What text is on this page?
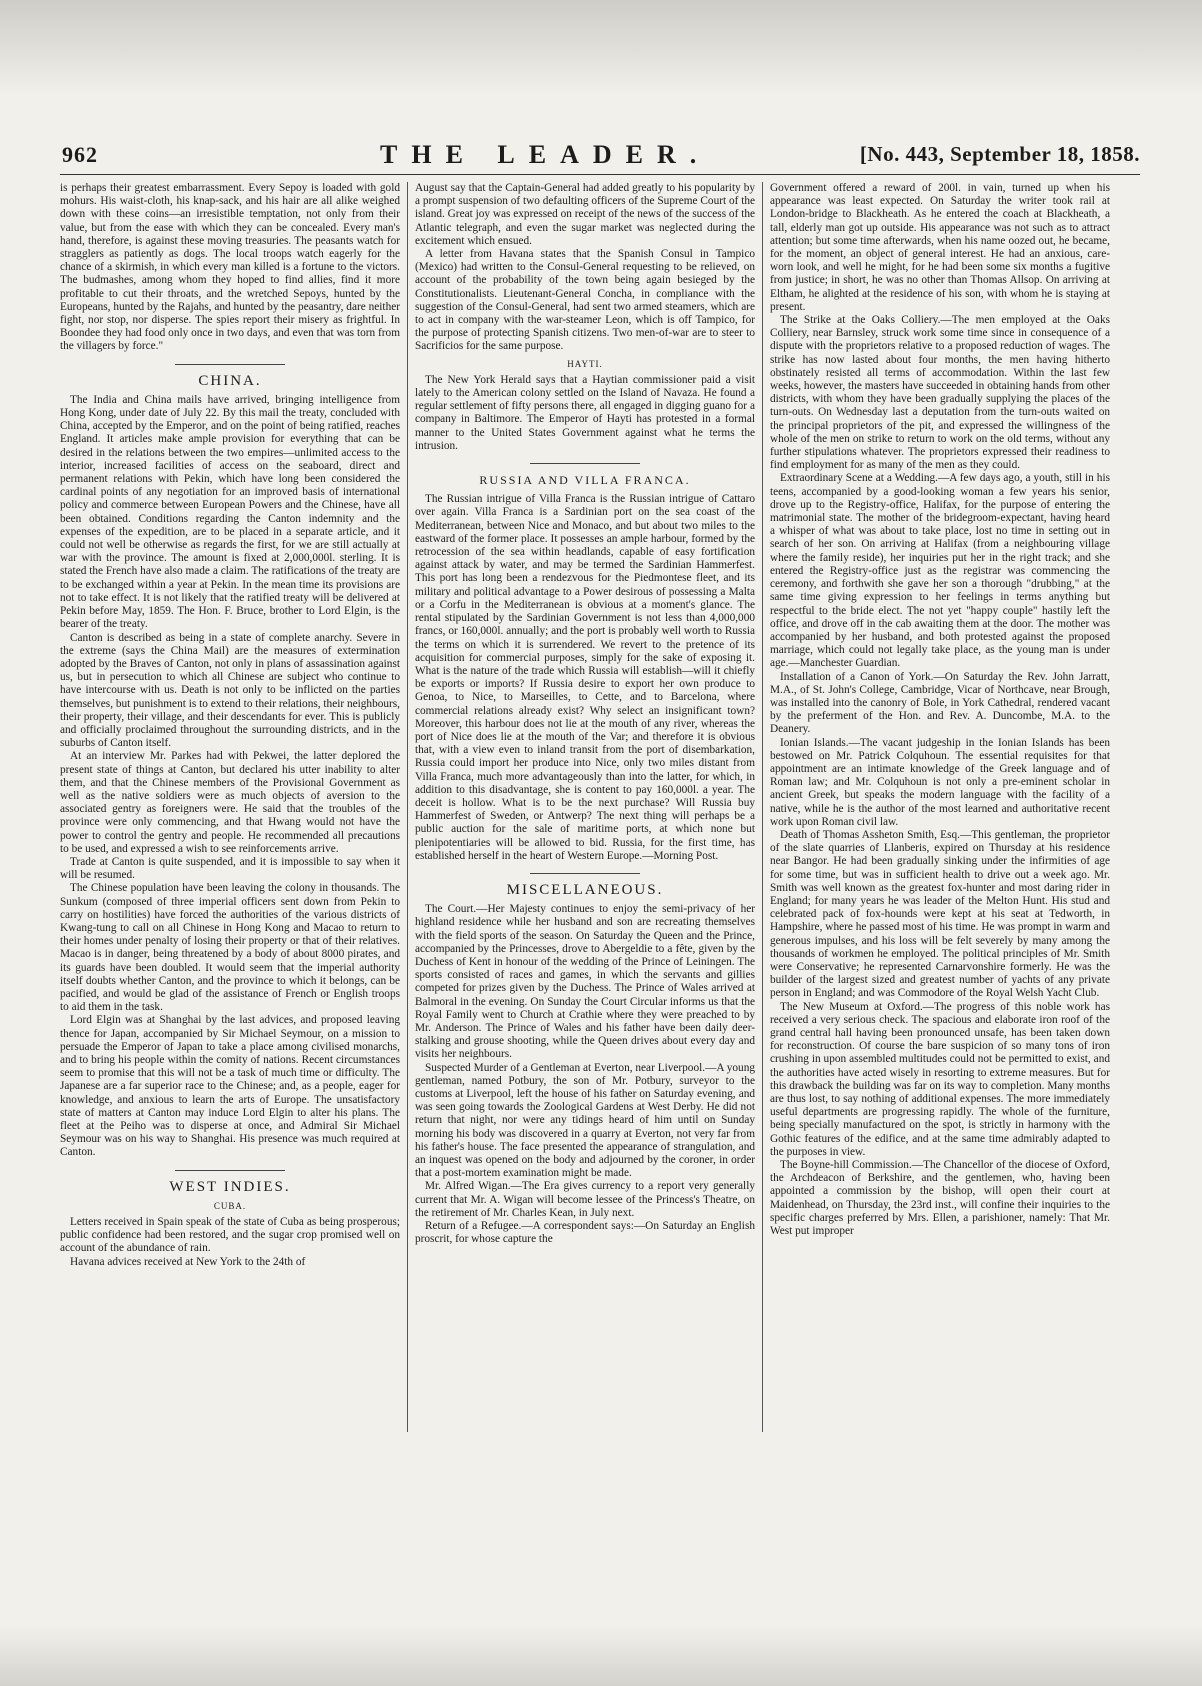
962	THE LEADER.	[No. 443, September 18, 1858.

is perhaps their greatest embarrassment. Every Sepoy is loaded with gold mohurs. His waist-cloth, his knap-sack, and his hair are all alike weighed down with these coins—an irresistible temptation, not only from their value, but from the ease with which they can be concealed. Every man's hand, therefore, is against these moving treasuries. The peasants watch for stragglers as patiently as dogs. The local troops watch eagerly for the chance of a skirmish, in which every man killed is a fortune to the victors. The budmashes, among whom they hoped to find allies, find it more profitable to cut their throats, and the wretched Sepoys, hunted by the Europeans, hunted by the Rajahs, and hunted by the peasantry, dare neither fight, nor stop, nor disperse. The spies report their misery as frightful. In Boondee they had food only once in two days, and even that was torn from the villagers by force."

CHINA.

The India and China mails have arrived, bringing intelligence from Hong Kong, under date of July 22. By this mail the treaty, concluded with China, accepted by the Emperor, and on the point of being ratified, reaches England. It articles make ample provision for everything that can be desired in the relations between the two empires—unlimited access to the interior, increased facilities of access on the seaboard, direct and permanent relations with Pekin, which have long been considered the cardinal points of any negotiation for an improved basis of international policy and commerce between European Powers and the Chinese, have all been obtained. Conditions regarding the Canton indemnity and the expenses of the expedition, are to be placed in a separate article, and it could not well be otherwise as regards the first, for we are still actually at war with the province. The amount is fixed at 2,000,000l. sterling. It is stated the French have also made a claim. The ratifications of the treaty are to be exchanged within a year at Pekin. In the mean time its provisions are not to take effect. It is not likely that the ratified treaty will be delivered at Pekin before May, 1859. The Hon. F. Bruce, brother to Lord Elgin, is the bearer of the treaty.

Canton is described as being in a state of complete anarchy. Severe in the extreme (says the China Mail) are the measures of extermination adopted by the Braves of Canton, not only in plans of assassination against us, but in persecution to which all Chinese are subject who continue to have intercourse with us. Death is not only to be inflicted on the parties themselves, but punishment is to extend to their relations, their neighbours, their property, their village, and their descendants for ever. This is publicly and officially proclaimed throughout the surrounding districts, and in the suburbs of Canton itself.

At an interview Mr. Parkes had with Pekwei, the latter deplored the present state of things at Canton, but declared his utter inability to alter them, and that the Chinese members of the Provisional Government as well as the native soldiers were as much objects of aversion to the associated gentry as foreigners were. He said that the troubles of the province were only commencing, and that Hwang would not have the power to control the gentry and people. He recommended all precautions to be used, and expressed a wish to see reinforcements arrive.

Trade at Canton is quite suspended, and it is impossible to say when it will be resumed.

The Chinese population have been leaving the colony in thousands. The Sunkum (composed of three imperial officers sent down from Pekin to carry on hostilities) have forced the authorities of the various districts of Kwang-tung to call on all Chinese in Hong Kong and Macao to return to their homes under penalty of losing their property or that of their relatives. Macao is in danger, being threatened by a body of about 8000 pirates, and its guards have been doubled. It would seem that the imperial authority itself doubts whether Canton, and the province to which it belongs, can be pacified, and would be glad of the assistance of French or English troops to aid them in the task.

Lord Elgin was at Shanghai by the last advices, and proposed leaving thence for Japan, accompanied by Sir Michael Seymour, on a mission to persuade the Emperor of Japan to take a place among civilised monarchs, and to bring his people within the comity of nations. Recent circumstances seem to promise that this will not be a task of much time or difficulty. The Japanese are a far superior race to the Chinese; and, as a people, eager for knowledge, and anxious to learn the arts of Europe. The unsatisfactory state of matters at Canton may induce Lord Elgin to alter his plans. The fleet at the Peiho was to disperse at once, and Admiral Sir Michael Seymour was on his way to Shanghai. His presence was much required at Canton.

WEST INDIES.
CUBA.

Letters received in Spain speak of the state of Cuba as being prosperous; public confidence had been restored, and the sugar crop promised well on account of the abundance of rain.

Havana advices received at New York to the 24th of

August say that the Captain-General had added greatly to his popularity by a prompt suspension of two defaulting officers of the Supreme Court of the island. Great joy was expressed on receipt of the news of the success of the Atlantic telegraph, and even the sugar market was neglected during the excitement which ensued.

A letter from Havana states that the Spanish Consul in Tampico (Mexico) had written to the Consul-General requesting to be relieved, on account of the probability of the town being again besieged by the Constitutionalists. Lieutenant-General Concha, in compliance with the suggestion of the Consul-General, had sent two armed steamers, which are to act in company with the war-steamer Leon, which is off Tampico, for the purpose of protecting Spanish citizens. Two men-of-war are to steer to Sacrificios for the same purpose.

HAYTI.

The New York Herald says that a Haytian commissioner paid a visit lately to the American colony settled on the Island of Navaza. He found a regular settlement of fifty persons there, all engaged in digging guano for a company in Baltimore. The Emperor of Hayti has protested in a formal manner to the United States Government against what he terms the intrusion.

RUSSIA AND VILLA FRANCA.

The Russian intrigue of Villa Franca is the Russian intrigue of Cattaro over again. Villa Franca is a Sardinian port on the sea coast of the Mediterranean, between Nice and Monaco, and but about two miles to the eastward of the former place. It possesses an ample harbour, formed by the retrocession of the sea within headlands, capable of easy fortification against attack by water, and may be termed the Sardinian Hammerfest. This port has long been a rendezvous for the Piedmontese fleet, and its military and political advantage to a Power desirous of possessing a Malta or a Corfu in the Mediterranean is obvious at a moment's glance. The rental stipulated by the Sardinian Government is not less than 4,000,000 francs, or 160,000l. annually; and the port is probably well worth to Russia the terms on which it is surrendered. We revert to the pretence of its acquisition for commercial purposes, simply for the sake of exposing it. What is the nature of the trade which Russia will establish—will it chiefly be exports or imports? If Russia desire to export her own produce to Genoa, to Nice, to Marseilles, to Cette, and to Barcelona, where commercial relations already exist? Why select an insignificant town? Moreover, this harbour does not lie at the mouth of any river, whereas the port of Nice does lie at the mouth of the Var; and therefore it is obvious that, with a view even to inland transit from the port of disembarkation, Russia could import her produce into Nice, only two miles distant from Villa Franca, much more advantageously than into the latter, for which, in addition to this disadvantage, she is content to pay 160,000l. a year. The deceit is hollow. What is to be the next purchase? Will Russia buy Hammerfest of Sweden, or Antwerp? The next thing will perhaps be a public auction for the sale of maritime ports, at which none but plenipotentiaries will be allowed to bid. Russia, for the first time, has established herself in the heart of Western Europe.—Morning Post.

MISCELLANEOUS.

The Court.—Her Majesty continues to enjoy the semi-privacy of her highland residence while her husband and son are recreating themselves with the field sports of the season. On Saturday the Queen and the Prince, accompanied by the Princesses, drove to Abergeldie to a fête, given by the Duchess of Kent in honour of the wedding of the Prince of Leiningen. The sports consisted of races and games, in which the servants and gillies competed for prizes given by the Duchess. The Prince of Wales arrived at Balmoral in the evening. On Sunday the Court Circular informs us that the Royal Family went to Church at Crathie where they were preached to by Mr. Anderson. The Prince of Wales and his father have been daily deer-stalking and grouse shooting, while the Queen drives about every day and visits her neighbours.

Suspected Murder of a Gentleman at Everton, near Liverpool.—A young gentleman, named Potbury, the son of Mr. Potbury, surveyor to the customs at Liverpool, left the house of his father on Saturday evening, and was seen going towards the Zoological Gardens at West Derby. He did not return that night, nor were any tidings heard of him until on Sunday morning his body was discovered in a quarry at Everton, not very far from his father's house. The face presented the appearance of strangulation, and an inquest was opened on the body and adjourned by the coroner, in order that a post-mortem examination might be made.

Mr. Alfred Wigan.—The Era gives currency to a report very generally current that Mr. A. Wigan will become lessee of the Princess's Theatre, on the retirement of Mr. Charles Kean, in July next.

Return of a Refugee.—A correspondent says:—On Saturday an English proscrit, for whose capture the

Government offered a reward of 200l. in vain, turned up when his appearance was least expected. On Saturday the writer took rail at London-bridge to Blackheath. As he entered the coach at Blackheath, a tall, elderly man got up outside. His appearance was not such as to attract attention; but some time afterwards, when his name oozed out, he became, for the moment, an object of general interest. He had an anxious, care-worn look, and well he might, for he had been some six months a fugitive from justice; in short, he was no other than Thomas Allsop. On arriving at Eltham, he alighted at the residence of his son, with whom he is staying at present.

The Strike at the Oaks Colliery.—The men employed at the Oaks Colliery, near Barnsley, struck work some time since in consequence of a dispute with the proprietors relative to a proposed reduction of wages. The strike has now lasted about four months, the men having hitherto obstinately resisted all terms of accommodation. Within the last few weeks, however, the masters have succeeded in obtaining hands from other districts, with whom they have been gradually supplying the places of the turn-outs. On Wednesday last a deputation from the turn-outs waited on the principal proprietors of the pit, and expressed the willingness of the whole of the men on strike to return to work on the old terms, without any further stipulations whatever. The proprietors expressed their readiness to find employment for as many of the men as they could.

Extraordinary Scene at a Wedding.—A few days ago, a youth, still in his teens, accompanied by a good-looking woman a few years his senior, drove up to the Registry-office, Halifax, for the purpose of entering the matrimonial state. The mother of the bridegroom-expectant, having heard a whisper of what was about to take place, lost no time in setting out in search of her son. On arriving at Halifax (from a neighbouring village where the family reside), her inquiries put her in the right track; and she entered the Registry-office just as the registrar was commencing the ceremony, and forthwith she gave her son a thorough "drubbing," at the same time giving expression to her feelings in terms anything but respectful to the bride elect. The not yet "happy couple" hastily left the office, and drove off in the cab awaiting them at the door. The mother was accompanied by her husband, and both protested against the proposed marriage, which could not legally take place, as the young man is under age.—Manchester Guardian.

Installation of a Canon of York.—On Saturday the Rev. John Jarratt, M.A., of St. John's College, Cambridge, Vicar of Northcave, near Brough, was installed into the canonry of Bole, in York Cathedral, rendered vacant by the preferment of the Hon. and Rev. A. Duncombe, M.A. to the Deanery.

Ionian Islands.—The vacant judgeship in the Ionian Islands has been bestowed on Mr. Patrick Colquhoun. The essential requisites for that appointment are an intimate knowledge of the Greek language and of Roman law; and Mr. Colquhoun is not only a pre-eminent scholar in ancient Greek, but speaks the modern language with the facility of a native, while he is the author of the most learned and authoritative recent work upon Roman civil law.

Death of Thomas Assheton Smith, Esq.—This gentleman, the proprietor of the slate quarries of Llanberis, expired on Thursday at his residence near Bangor. He had been gradually sinking under the infirmities of age for some time, but was in sufficient health to drive out a week ago. Mr. Smith was well known as the greatest fox-hunter and most daring rider in England; for many years he was leader of the Melton Hunt. His stud and celebrated pack of fox-hounds were kept at his seat at Tedworth, in Hampshire, where he passed most of his time. He was prompt in warm and generous impulses, and his loss will be felt severely by many among the thousands of workmen he employed. The political principles of Mr. Smith were Conservative; he represented Carnarvonshire formerly. He was the builder of the largest sized and greatest number of yachts of any private person in England; and was Commodore of the Royal Welsh Yacht Club.

The New Museum at Oxford.—The progress of this noble work has received a very serious check. The spacious and elaborate iron roof of the grand central hall having been pronounced unsafe, has been taken down for reconstruction. Of course the bare suspicion of so many tons of iron crushing in upon assembled multitudes could not be permitted to exist, and the authorities have acted wisely in resorting to extreme measures. But for this drawback the building was far on its way to completion. Many months are thus lost, to say nothing of additional expenses. The more immediately useful departments are progressing rapidly. The whole of the furniture, being specially manufactured on the spot, is strictly in harmony with the Gothic features of the edifice, and at the same time admirably adapted to the purposes in view.

The Boyne-hill Commission.—The Chancellor of the diocese of Oxford, the Archdeacon of Berkshire, and the gentlemen, who, having been appointed a commission by the bishop, will open their court at Maidenhead, on Thursday, the 23rd inst., will confine their inquiries to the specific charges preferred by Mrs. Ellen, a parishioner, namely: That Mr. West put improper
